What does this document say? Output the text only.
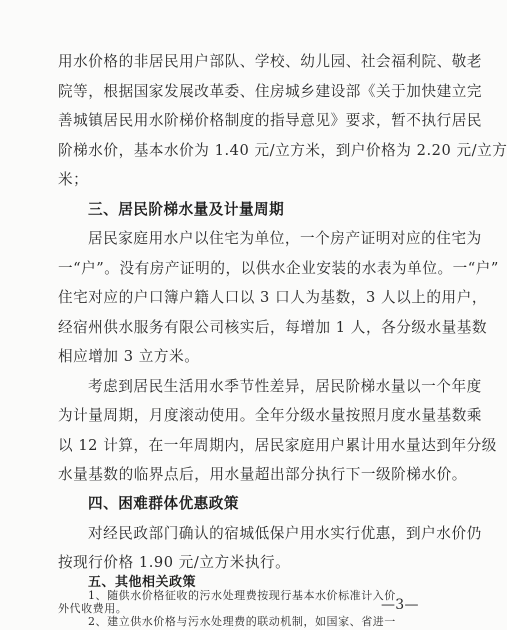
用水价格的非居民用户部队、学校、幼儿园、社会福利院、敬老
院等，根据国家发展改革委、住房城乡建设部《关于加快建立完
善城镇居民用水阶梯价格制度的指导意见》要求，暂不执行居民
阶梯水价，基本水价为 1.40 元/立方米，到户价格为 2.20 元/立方
米；
三、居民阶梯水量及计量周期
居民家庭用水户以住宅为单位，一个房产证明对应的住宅为
一“户”。没有房产证明的，以供水企业安装的水表为单位。一“户”
住宅对应的户口簿户籍人口以 3 口人为基数，3 人以上的用户，
经宿州供水服务有限公司核实后，每增加 1 人，各分级水量基数
相应增加 3 立方米。
考虑到居民生活用水季节性差异，居民阶梯水量以一个年度
为计量周期，月度滚动使用。全年分级水量按照月度水量基数乘
以 12 计算，在一年周期内，居民家庭用户累计用水量达到年分级
水量基数的临界点后，用水量超出部分执行下一级阶梯水价。
四、困难群体优惠政策
对经民政部门确认的宿城低保户用水实行优惠，到户水价仍
按现行价格 1.90 元/立方米执行。
五、其他相关政策
1、随供水价格征收的污水处理费按现行基本水价标准计入价
外代收费用。
2、建立供水价格与污水处理费的联动机制，如国家、省进一
—3—
